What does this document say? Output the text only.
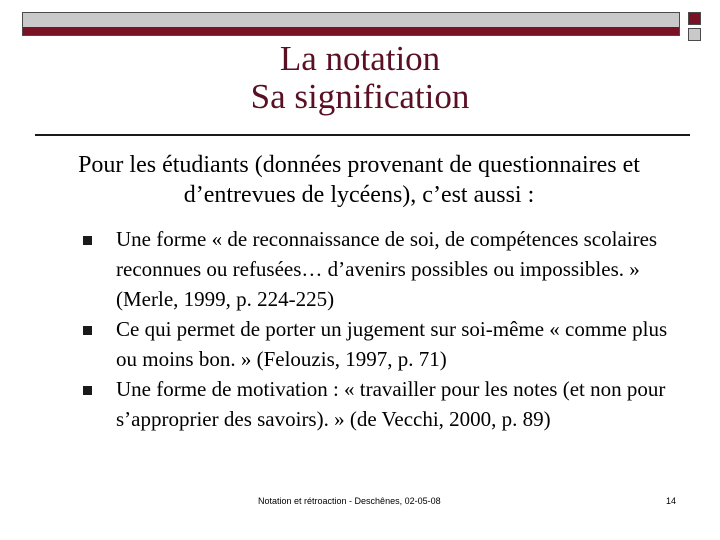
La notation
Sa signification
Pour les étudiants (données provenant de questionnaires et d’entrevues de lycéens), c’est aussi :
Une forme « de reconnaissance de soi, de compétences scolaires reconnues ou refusées… d’avenirs possibles ou impossibles. » (Merle, 1999, p. 224-225)
Ce qui permet de porter un jugement sur soi-même « comme plus ou moins bon. » (Felouzis, 1997, p. 71)
Une forme de motivation : « travailler pour les notes (et non pour s’approprier des savoirs). » (de Vecchi, 2000, p. 89)
Notation et rétroaction - Deschênes, 02-05-08	14
